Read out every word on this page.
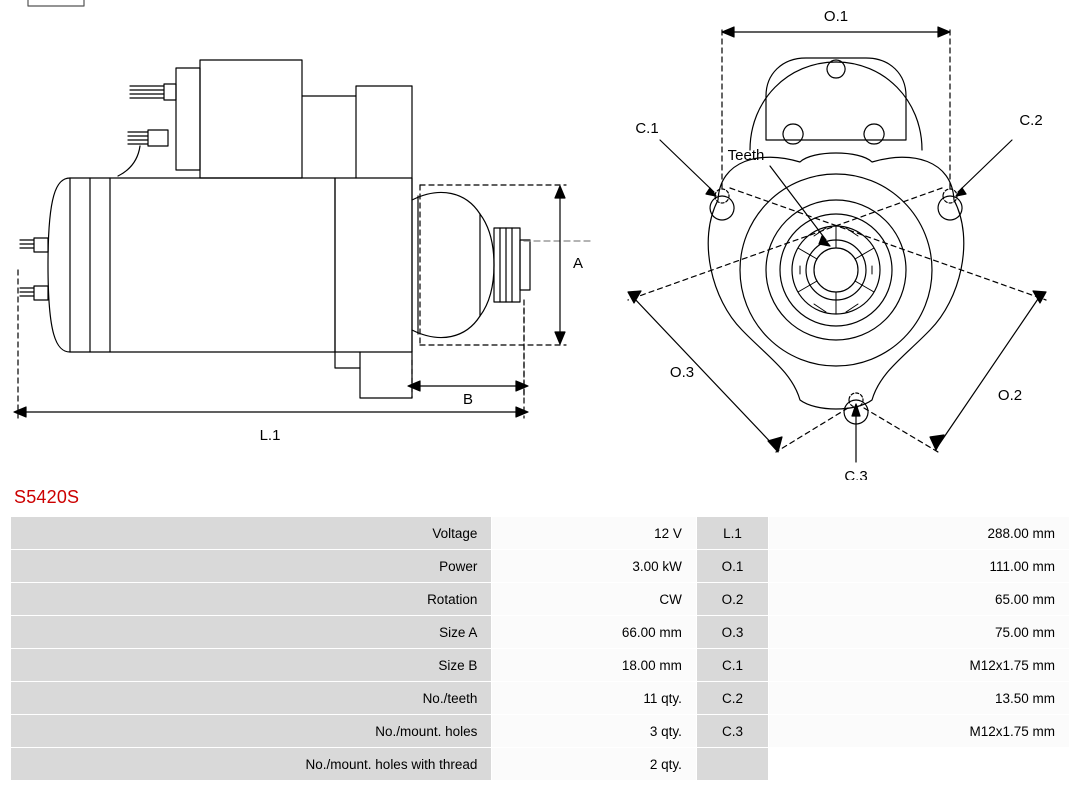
A
B
L.1
O.1
O.2
O.3
C.1	C.2
C.3
Teeth
S5420S
Voltage	12 V	L.1	288.00 mm
Power	3.00 kW	O.1	111.00 mm
Rotation	CW	O.2	65.00 mm
Size A	66.00 mm	O.3	75.00 mm
Size B	18.00 mm	C.1	M12x1.75 mm
No./teeth	11 qty.	C.2	13.50 mm
No./mount. holes	3 qty.	C.3	M12x1.75 mm
No./mount. holes with thread	2 qty.		
